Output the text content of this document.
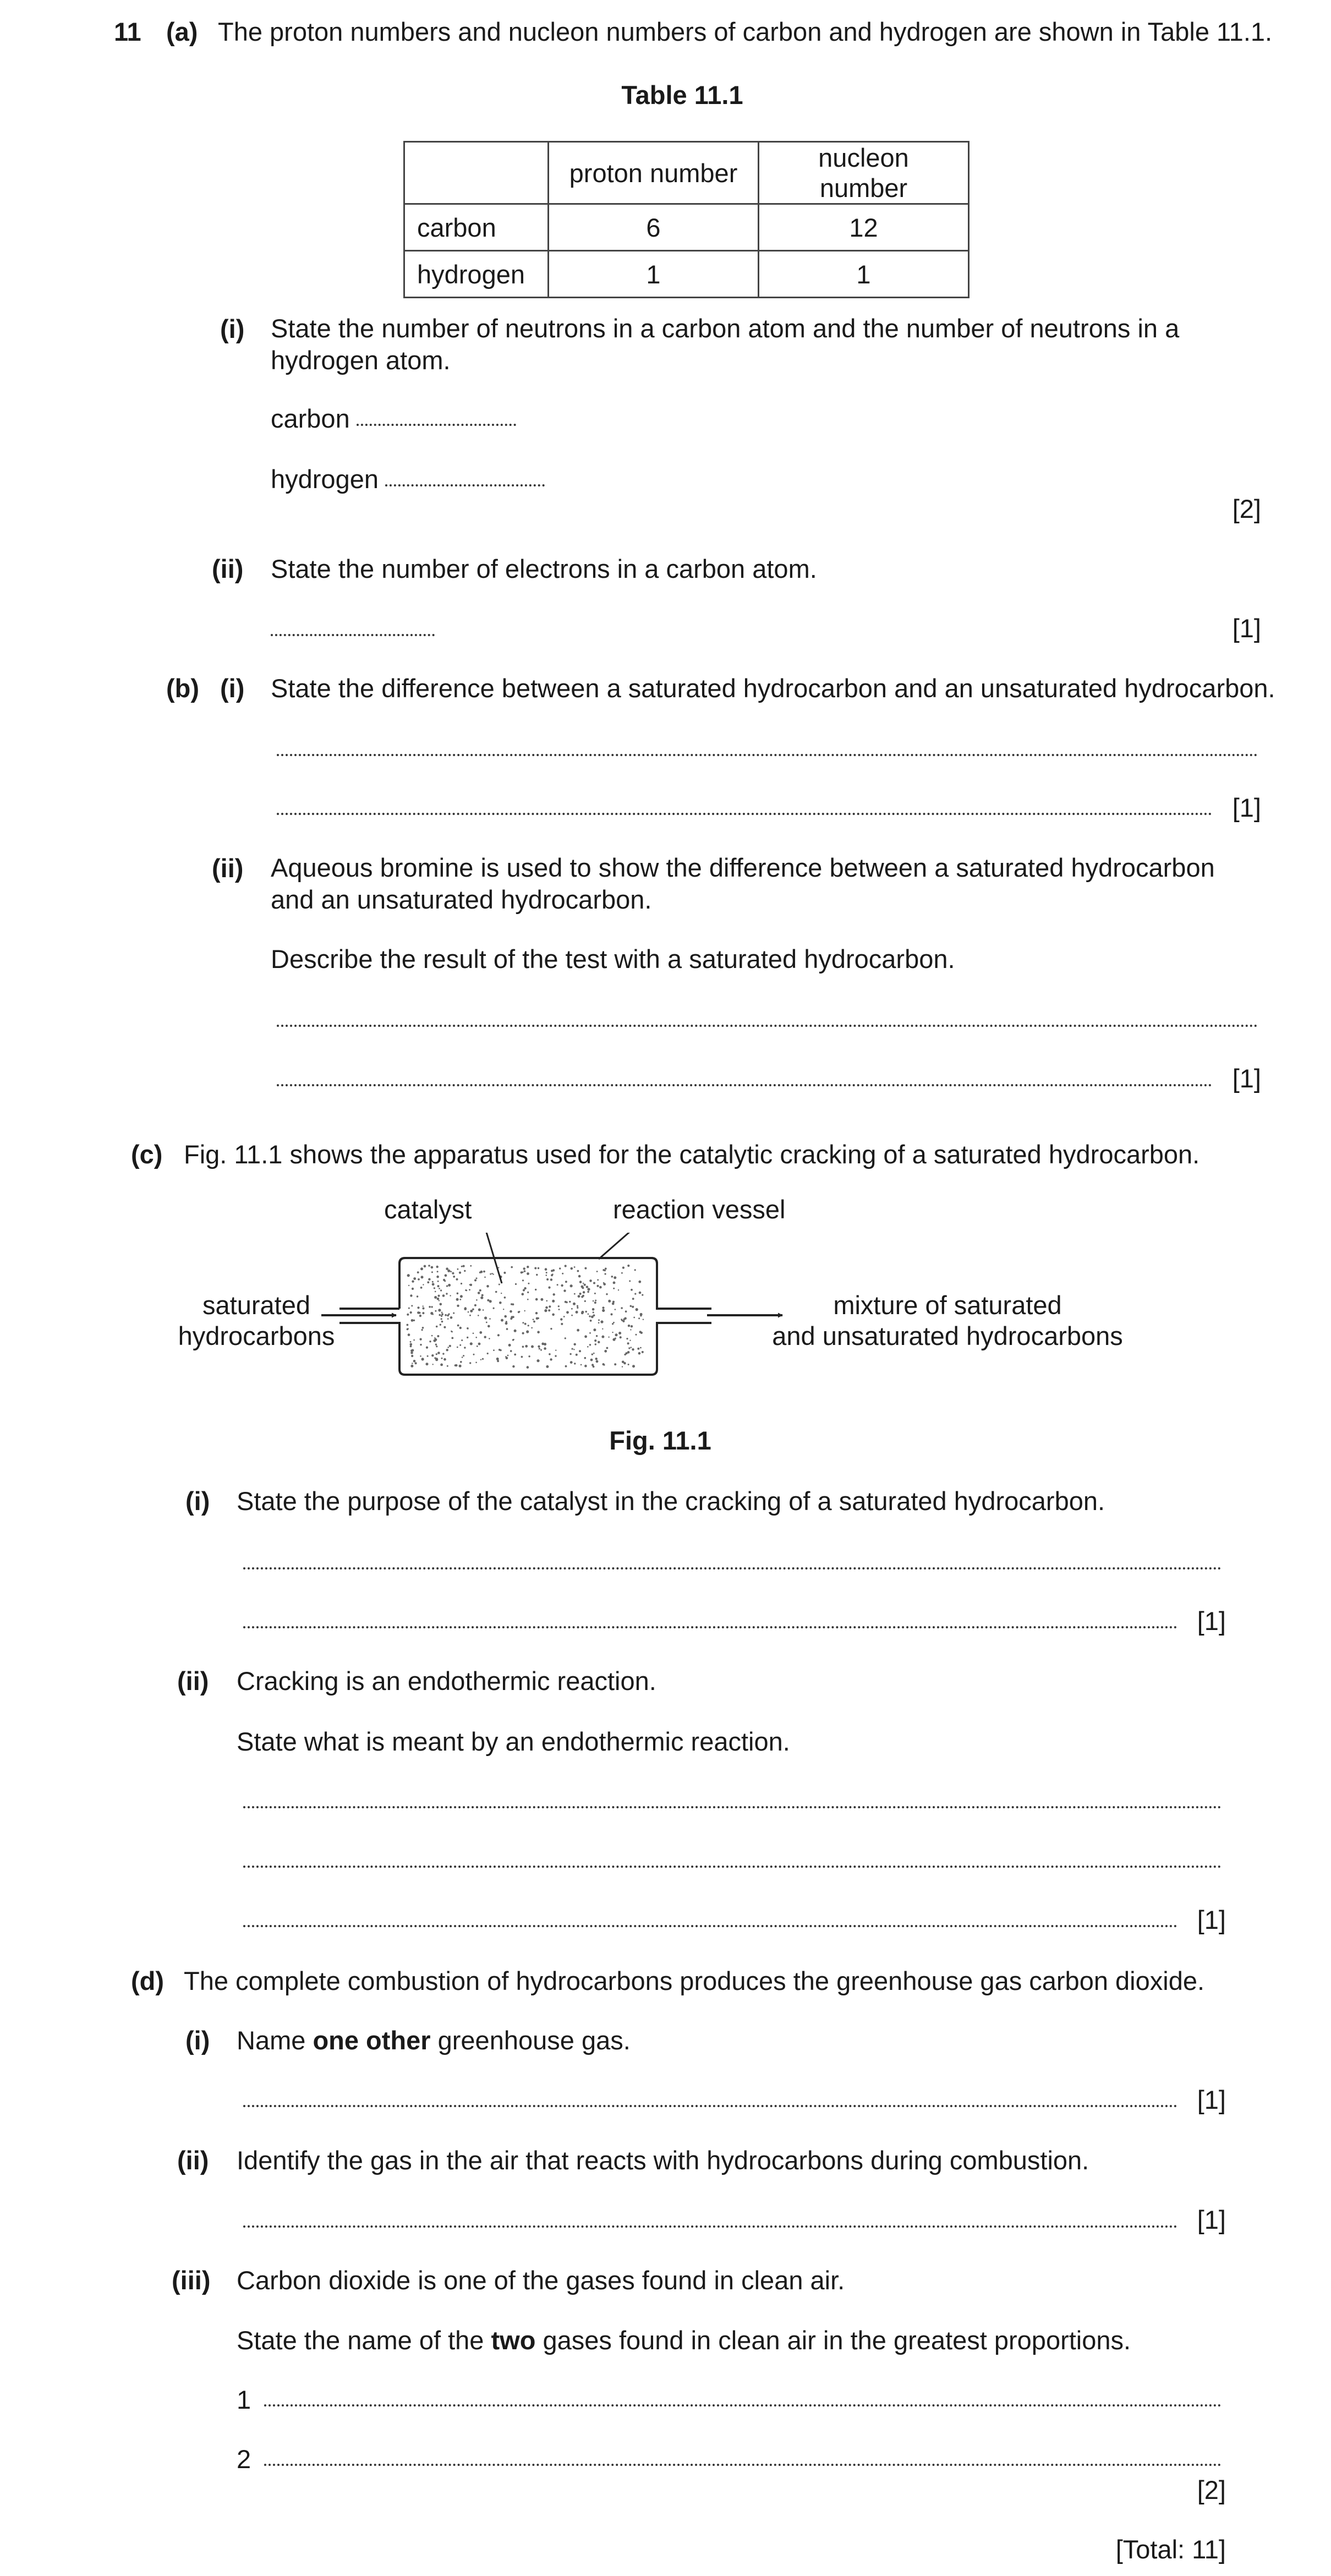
11 (a) The proton numbers and nucleon numbers of carbon and hydrogen are shown in Table 11.1.
Table 11.1
	proton number	nucleon number
carbon	6	12
hydrogen	1	1
(i) State the number of neutrons in a carbon atom and the number of neutrons in a hydrogen atom.
carbon
hydrogen
[2]
(ii) State the number of electrons in a carbon atom.
[1]
(b) (i) State the difference between a saturated hydrocarbon and an unsaturated hydrocarbon.
[1]
(ii) Aqueous bromine is used to show the difference between a saturated hydrocarbon and an unsaturated hydrocarbon.
Describe the result of the test with a saturated hydrocarbon.
[1]
(c) Fig. 11.1 shows the apparatus used for the catalytic cracking of a saturated hydrocarbon.
catalyst	reaction vessel
saturated
hydrocarbons
mixture of saturated
and unsaturated hydrocarbons
Fig. 11.1
(i) State the purpose of the catalyst in the cracking of a saturated hydrocarbon.
[1]
(ii) Cracking is an endothermic reaction.
State what is meant by an endothermic reaction.
[1]
(d) The complete combustion of hydrocarbons produces the greenhouse gas carbon dioxide.
(i) Name one other greenhouse gas.
[1]
(ii) Identify the gas in the air that reacts with hydrocarbons during combustion.
[1]
(iii) Carbon dioxide is one of the gases found in clean air.
State the name of the two gases found in clean air in the greatest proportions.
1
2
[2]
[Total: 11]
